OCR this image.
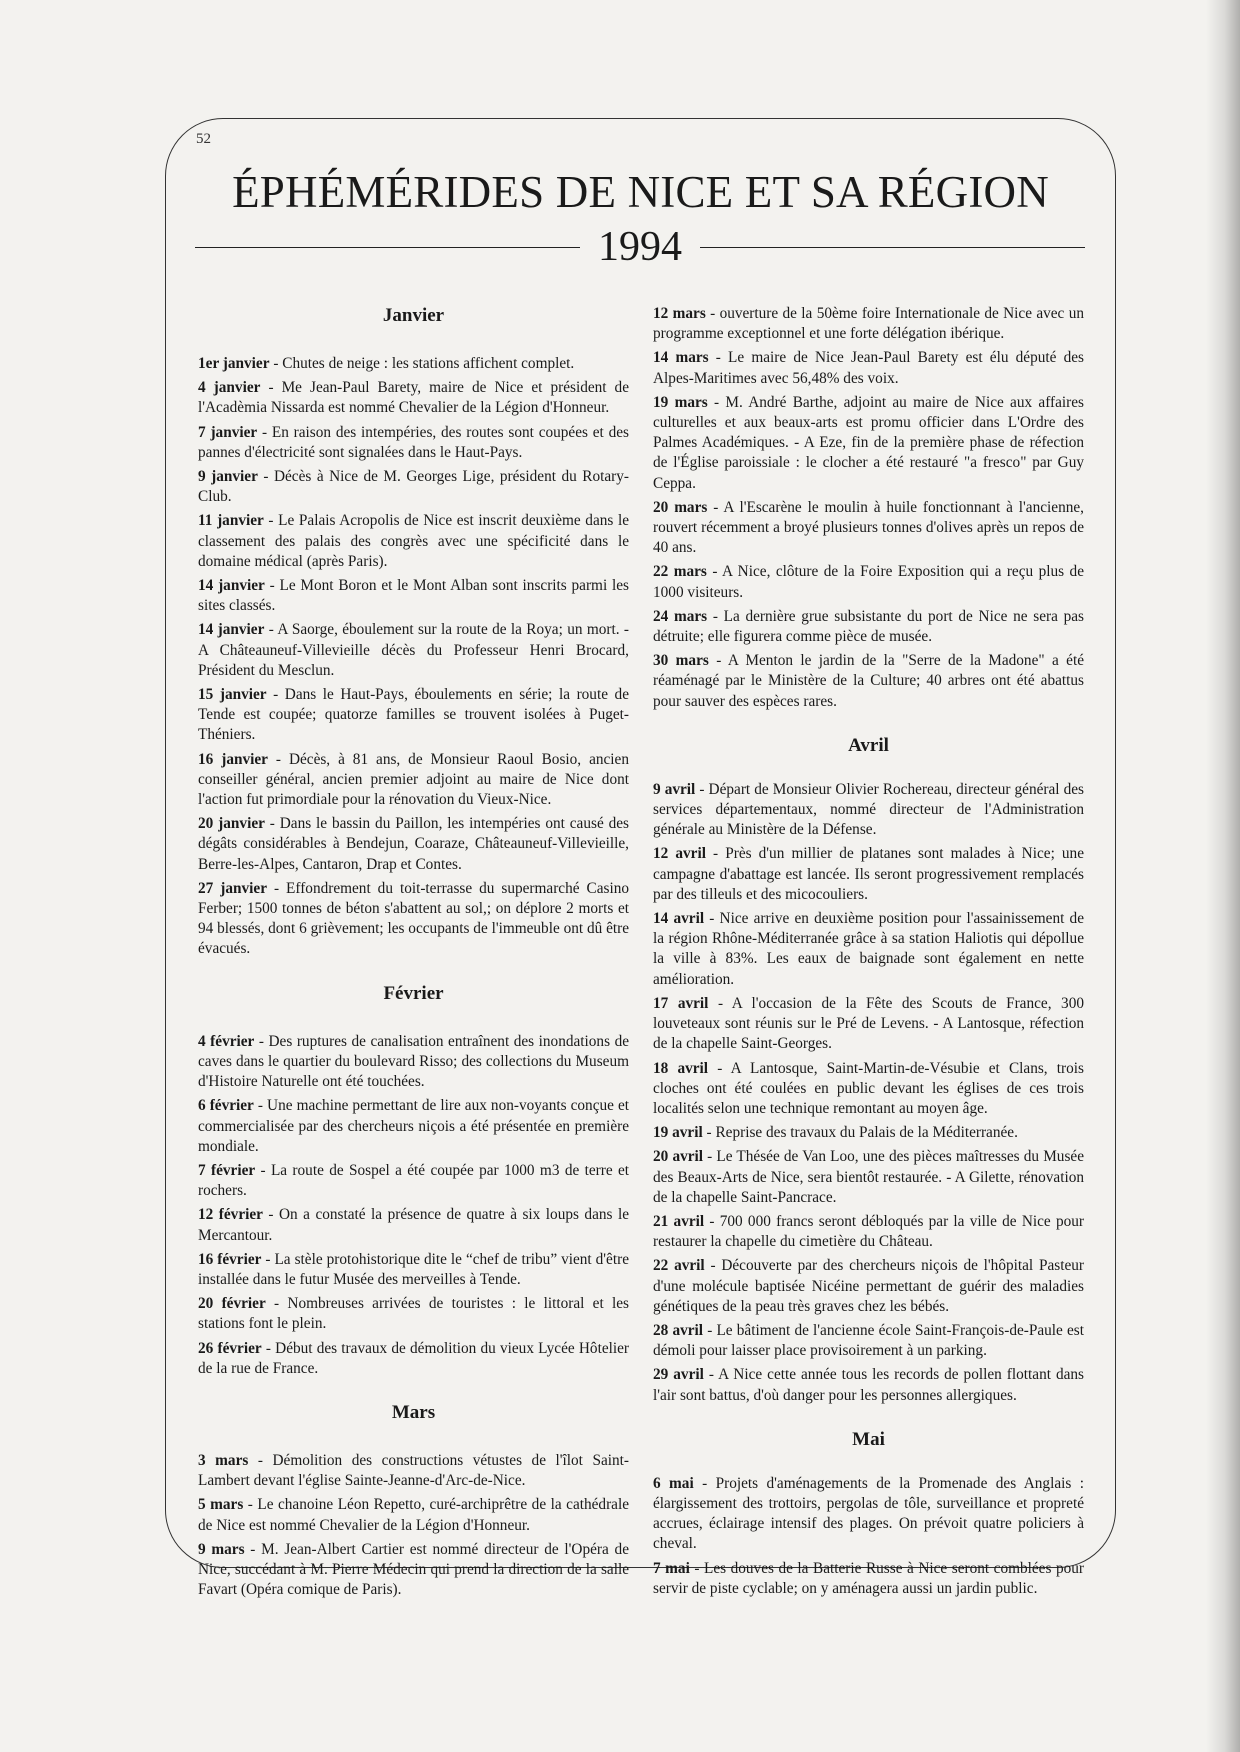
52
ÉPHÉMÉRIDES DE NICE ET SA RÉGION
1994
Janvier

1er janvier - Chutes de neige : les stations affichent complet.

4 janvier - Me Jean-Paul Barety, maire de Nice et président de l'Acadèmia Nissarda est nommé Chevalier de la Légion d'Honneur.

7 janvier - En raison des intempéries, des routes sont coupées et des pannes d'électricité sont signalées dans le Haut-Pays.

9 janvier - Décès à Nice de M. Georges Lige, président du Rotary-Club.

11 janvier - Le Palais Acropolis de Nice est inscrit deuxième dans le classement des palais des congrès avec une spécificité dans le domaine médical (après Paris).

14 janvier - Le Mont Boron et le Mont Alban sont inscrits parmi les sites classés.

14 janvier - A Saorge, éboulement sur la route de la Roya; un mort. - A Châteauneuf-Villevieille décès du Professeur Henri Brocard, Président du Mesclun.

15 janvier - Dans le Haut-Pays, éboulements en série; la route de Tende est coupée; quatorze familles se trouvent isolées à Puget-Théniers.

16 janvier - Décès, à 81 ans, de Monsieur Raoul Bosio, ancien conseiller général, ancien premier adjoint au maire de Nice dont l'action fut primordiale pour la rénovation du Vieux-Nice.

20 janvier - Dans le bassin du Paillon, les intempéries ont causé des dégâts considérables à Bendejun, Coaraze, Châteauneuf-Villevieille, Berre-les-Alpes, Cantaron, Drap et Contes.

27 janvier - Effondrement du toit-terrasse du supermarché Casino Ferber; 1500 tonnes de béton s'abattent au sol,; on déplore 2 morts et 94 blessés, dont 6 grièvement; les occupants de l'immeuble ont dû être évacués.

Février

4 février - Des ruptures de canalisation entraînent des inondations de caves dans le quartier du boulevard Risso; des collections du Museum d'Histoire Naturelle ont été touchées.

6 février - Une machine permettant de lire aux non-voyants conçue et commercialisée par des chercheurs niçois a été présentée en première mondiale.

7 février - La route de Sospel a été coupée par 1000 m3 de terre et rochers.

12 février - On a constaté la présence de quatre à six loups dans le Mercantour.

16 février - La stèle protohistorique dite le “chef de tribu” vient d'être installée dans le futur Musée des merveilles à Tende.

20 février - Nombreuses arrivées de touristes : le littoral et les stations font le plein.

26 février - Début des travaux de démolition du vieux Lycée Hôtelier de la rue de France.

Mars

3 mars - Démolition des constructions vétustes de l'îlot Saint-Lambert devant l'église Sainte-Jeanne-d'Arc-de-Nice.

5 mars - Le chanoine Léon Repetto, curé-archiprêtre de la cathédrale de Nice est nommé Chevalier de la Légion d'Honneur.

9 mars - M. Jean-Albert Cartier est nommé directeur de l'Opéra de Nice, succédant à M. Pierre Médecin qui prend la direction de la salle Favart (Opéra comique de Paris).

12 mars - ouverture de la 50ème foire Internationale de Nice avec un programme exceptionnel et une forte délégation ibérique.

14 mars - Le maire de Nice Jean-Paul Barety est élu député des Alpes-Maritimes avec 56,48% des voix.

19 mars - M. André Barthe, adjoint au maire de Nice aux affaires culturelles et aux beaux-arts est promu officier dans L'Ordre des Palmes Académiques. - A Eze, fin de la première phase de réfection de l'Église paroissiale : le clocher a été restauré "a fresco" par Guy Ceppa.

20 mars - A l'Escarène le moulin à huile fonctionnant à l'ancienne, rouvert récemment a broyé plusieurs tonnes d'olives après un repos de 40 ans.

22 mars - A Nice, clôture de la Foire Exposition qui a reçu plus de 1000 visiteurs.

24 mars - La dernière grue subsistante du port de Nice ne sera pas détruite; elle figurera comme pièce de musée.

30 mars - A Menton le jardin de la "Serre de la Madone" a été réaménagé par le Ministère de la Culture; 40 arbres ont été abattus pour sauver des espèces rares.

Avril

9 avril - Départ de Monsieur Olivier Rochereau, directeur général des services départementaux, nommé directeur de l'Administration générale au Ministère de la Défense.

12 avril - Près d'un millier de platanes sont malades à Nice; une campagne d'abattage est lancée. Ils seront progressivement remplacés par des tilleuls et des micocouliers.

14 avril - Nice arrive en deuxième position pour l'assainissement de la région Rhône-Méditerranée grâce à sa station Haliotis qui dépollue la ville à 83%. Les eaux de baignade sont également en nette amélioration.

17 avril - A l'occasion de la Fête des Scouts de France, 300 louveteaux sont réunis sur le Pré de Levens. - A Lantosque, réfection de la chapelle Saint-Georges.

18 avril - A Lantosque, Saint-Martin-de-Vésubie et Clans, trois cloches ont été coulées en public devant les églises de ces trois localités selon une technique remontant au moyen âge.

19 avril - Reprise des travaux du Palais de la Méditerranée.

20 avril - Le Thésée de Van Loo, une des pièces maîtresses du Musée des Beaux-Arts de Nice, sera bientôt restaurée. - A Gilette, rénovation de la chapelle Saint-Pancrace.

21 avril - 700 000 francs seront débloqués par la ville de Nice pour restaurer la chapelle du cimetière du Château.

22 avril - Découverte par des chercheurs niçois de l'hôpital Pasteur d'une molécule baptisée Nicéine permettant de guérir des maladies génétiques de la peau très graves chez les bébés.

28 avril - Le bâtiment de l'ancienne école Saint-François-de-Paule est démoli pour laisser place provisoirement à un parking.

29 avril - A Nice cette année tous les records de pollen flottant dans l'air sont battus, d'où danger pour les personnes allergiques.

Mai

6 mai - Projets d'aménagements de la Promenade des Anglais : élargissement des trottoirs, pergolas de tôle, surveillance et propreté accrues, éclairage intensif des plages. On prévoit quatre policiers à cheval.

7 mai - Les douves de la Batterie Russe à Nice seront comblées pour servir de piste cyclable; on y aménagera aussi un jardin public.
